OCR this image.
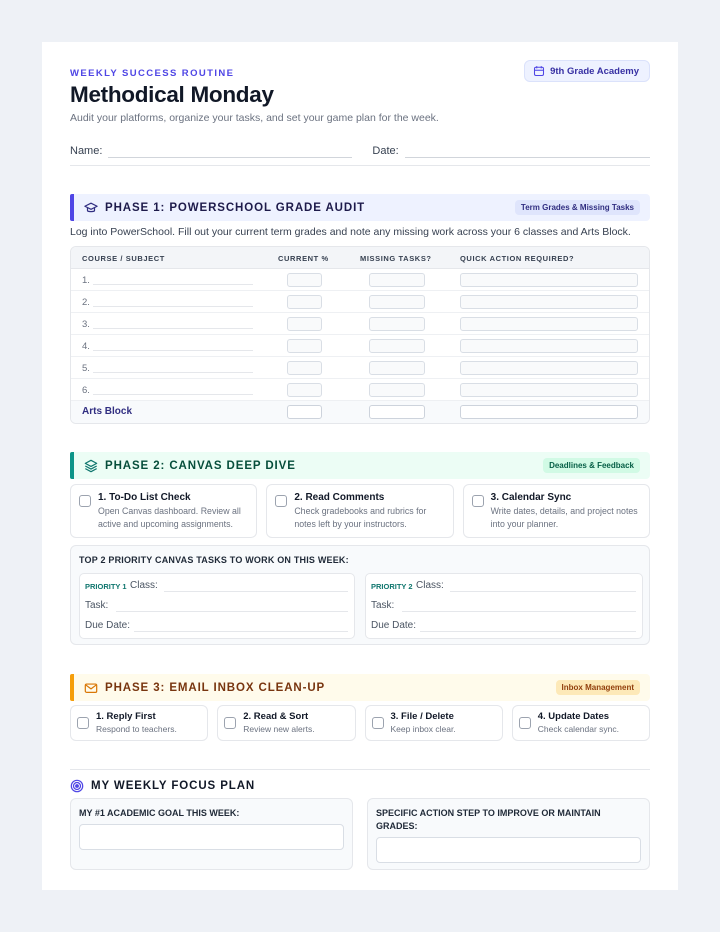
WEEKLY SUCCESS ROUTINE
Methodical Monday
Audit your platforms, organize your tasks, and set your game plan for the week.
9th Grade Academy
Name:	Date:
PHASE 1: POWERSCHOOL GRADE AUDIT	Term Grades & Missing Tasks
Log into PowerSchool. Fill out your current term grades and note any missing work across your 6 classes and Arts Block.
COURSE / SUBJECT	CURRENT %	MISSING TASKS?	QUICK ACTION REQUIRED?
1.
2.
3.
4.
5.
6.
Arts Block
PHASE 2: CANVAS DEEP DIVE	Deadlines & Feedback
1. To-Do List Check
Open Canvas dashboard. Review all active and upcoming assignments.
2. Read Comments
Check gradebooks and rubrics for notes left by your instructors.
3. Calendar Sync
Write dates, details, and project notes into your planner.
TOP 2 PRIORITY CANVAS TASKS TO WORK ON THIS WEEK:
PRIORITY 1 Class:
Task:
Due Date:
PRIORITY 2 Class:
Task:
Due Date:
PHASE 3: EMAIL INBOX CLEAN-UP	Inbox Management
1. Reply First
Respond to teachers.
2. Read & Sort
Review new alerts.
3. File / Delete
Keep inbox clear.
4. Update Dates
Check calendar sync.
MY WEEKLY FOCUS PLAN
MY #1 ACADEMIC GOAL THIS WEEK:	SPECIFIC ACTION STEP TO IMPROVE OR MAINTAIN GRADES:
